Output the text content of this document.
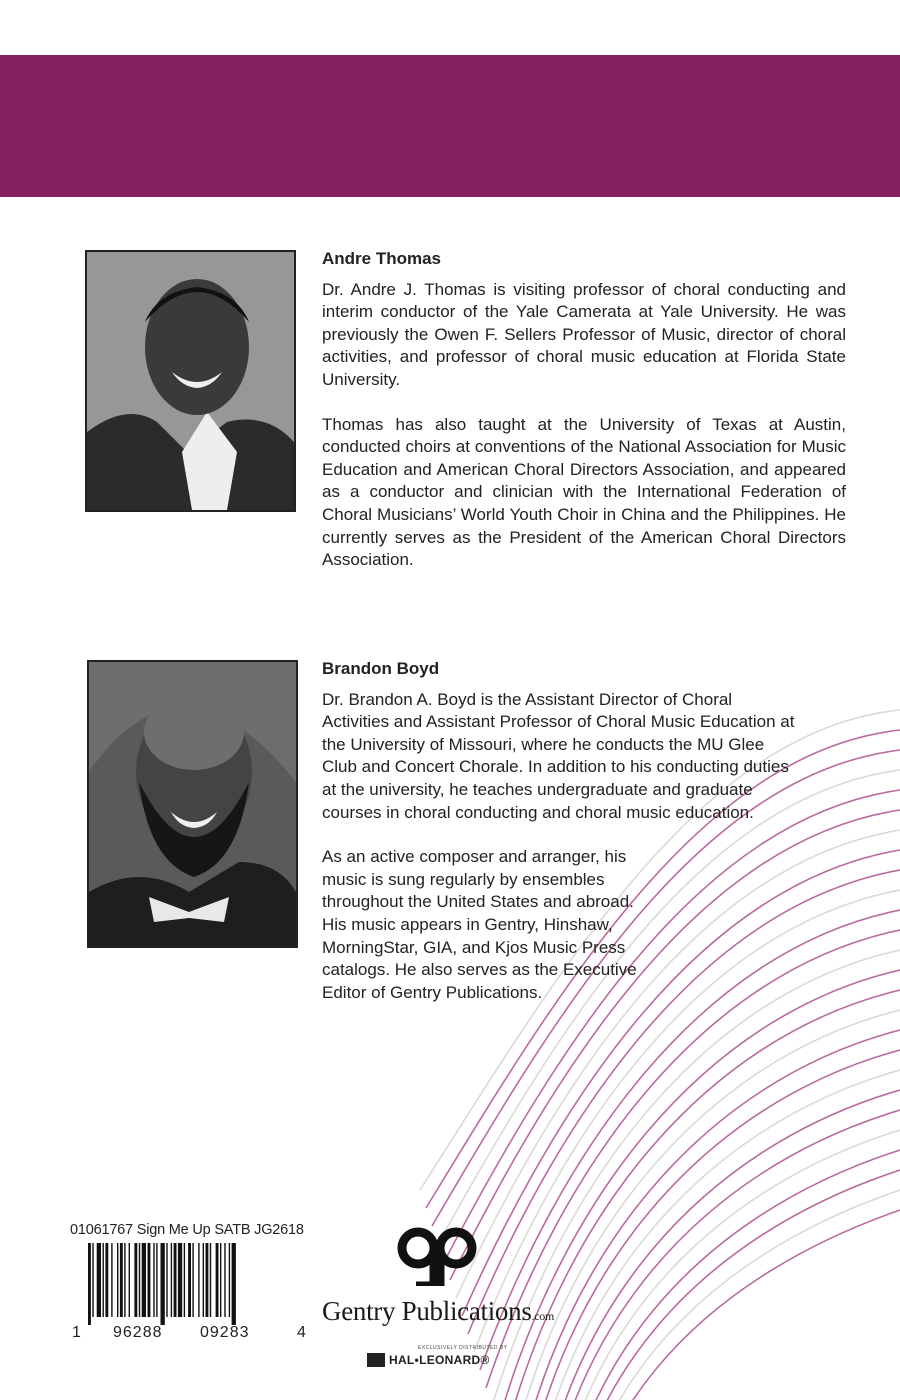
Andre Thomas

Dr. Andre J. Thomas is visiting professor of choral conducting and interim conductor of the Yale Camerata at Yale University. He was previously the Owen F. Sellers Professor of Music, director of choral activities, and professor of choral music education at Florida State University.

Thomas has also taught at the University of Texas at Austin, conducted choirs at conventions of the National Association for Music Education and American Choral Directors Association, and appeared as a conductor and clinician with the International Federation of Choral Musicians’ World Youth Choir in China and the Philippines. He currently serves as the President of the American Choral Directors Association.

Brandon Boyd

Dr. Brandon A. Boyd is the Assistant Director of Choral Activities and Assistant Professor of Choral Music Education at the University of Missouri, where he conducts the MU Glee Club and Concert Chorale. In addition to his conducting duties at the university, he teaches undergraduate and graduate courses in choral conducting and choral music education.

As an active composer and arranger, his music is sung regularly by ensembles throughout the United States and abroad. His music appears in Gentry, Hinshaw, MorningStar, GIA, and Kjos Music Press catalogs. He also serves as the Executive Editor of Gentry Publications.

01061767 Sign Me Up SATB JG2618
1 96288 09283	4
Gentry Publications.com
EXCLUSIVELY DISTRIBUTED BY
HAL•LEONARD®
